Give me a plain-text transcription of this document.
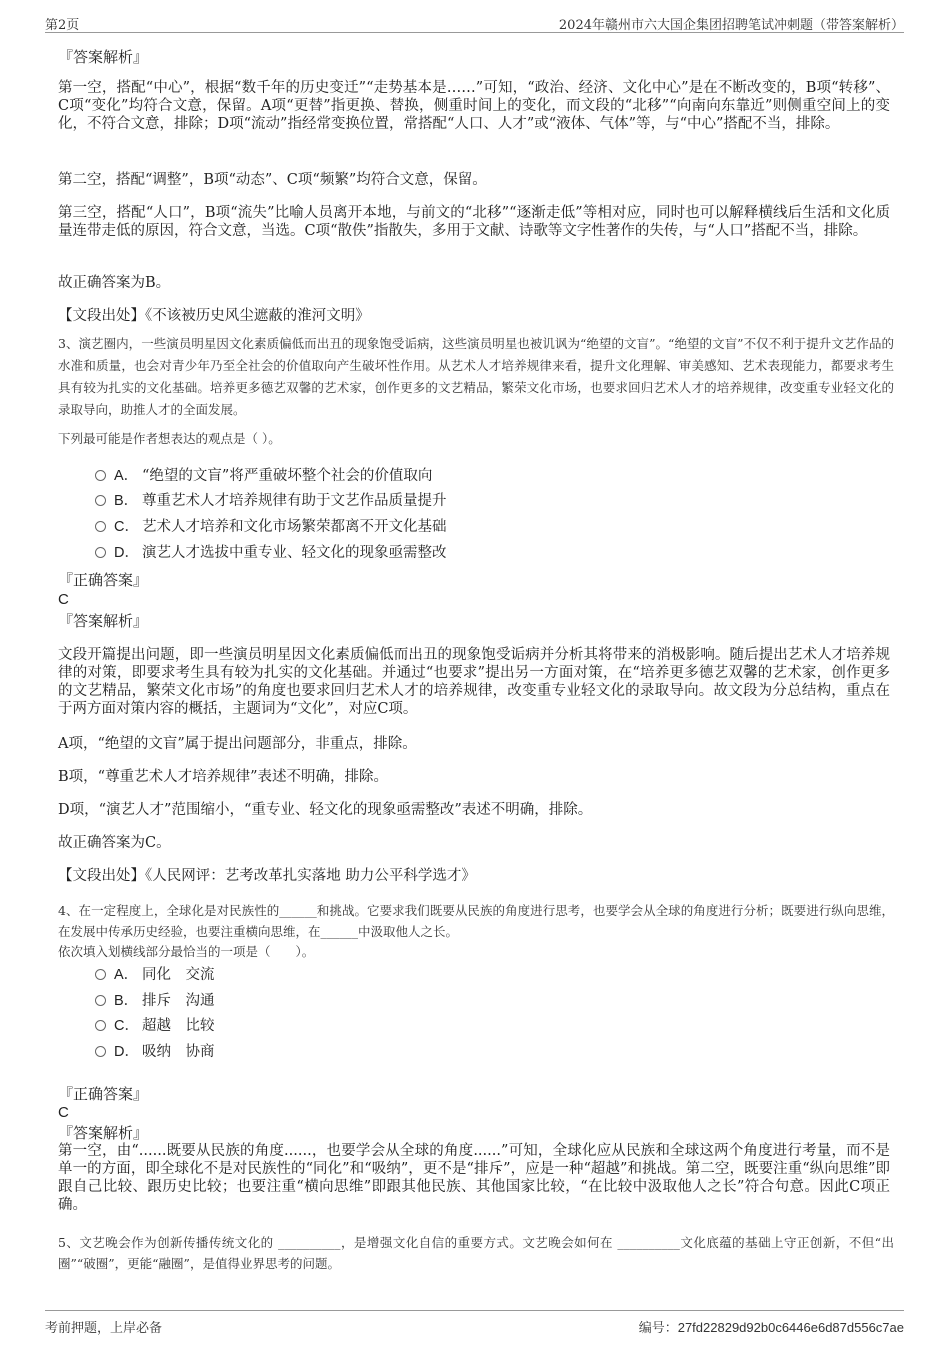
第2页	2024年赣州市六大国企集团招聘笔试冲刺题（带答案解析）
『答案解析』

第一空，搭配“中心”，根据“数千年的历史变迁”“走势基本是……”可知，“政治、经济、文化中心”是在不断改变的，B项“转移”、C项“变化”均符合文意，保留。A项“更替”指更换、替换，侧重时间上的变化，而文段的“北移”“向南向东靠近”则侧重空间上的变化，不符合文意，排除；D项“流动”指经常变换位置，常搭配“人口、人才”或“液体、气体”等，与“中心”搭配不当，排除。

第二空，搭配“调整”，B项“动态”、C项“频繁”均符合文意，保留。

第三空，搭配“人口”，B项“流失”比喻人员离开本地，与前文的“北移”“逐渐走低”等相对应，同时也可以解释横线后生活和文化质量连带走低的原因，符合文意，当选。C项“散佚”指散失，多用于文献、诗歌等文字性著作的失传，与“人口”搭配不当，排除。

故正确答案为B。

【文段出处】《不该被历史风尘遮蔽的淮河文明》

3、演艺圈内，一些演员明星因文化素质偏低而出丑的现象饱受诟病，这些演员明星也被讥讽为“绝望的文盲”。“绝望的文盲”不仅不利于提升文艺作品的水准和质量，也会对青少年乃至全社会的价值取向产生破坏性作用。从艺术人才培养规律来看，提升文化理解、审美感知、艺术表现能力，都要求考生具有较为扎实的文化基础。培养更多德艺双馨的艺术家，创作更多的文艺精品，繁荣文化市场，也要求回归艺术人才的培养规律，改变重专业轻文化的录取导向，助推人才的全面发展。

下列最可能是作者想表达的观点是（ ）。

A． “绝望的文盲”将严重破坏整个社会的价值取向
B． 尊重艺术人才培养规律有助于文艺作品质量提升
C． 艺术人才培养和文化市场繁荣都离不开文化基础
D． 演艺人才选拔中重专业、轻文化的现象亟需整改
『正确答案』
C
『答案解析』

文段开篇提出问题，即一些演员明星因文化素质偏低而出丑的现象饱受诟病并分析其将带来的消极影响。随后提出艺术人才培养规律的对策，即要求考生具有较为扎实的文化基础。并通过“也要求”提出另一方面对策，在“培养更多德艺双馨的艺术家，创作更多的文艺精品，繁荣文化市场”的角度也要求回归艺术人才的培养规律，改变重专业轻文化的录取导向。故文段为分总结构，重点在于两方面对策内容的概括，主题词为“文化”，对应C项。

A项，“绝望的文盲”属于提出问题部分，非重点，排除。

B项，“尊重艺术人才培养规律”表述不明确，排除。

D项，“演艺人才”范围缩小，“重专业、轻文化的现象亟需整改”表述不明确，排除。

故正确答案为C。

【文段出处】《人民网评：艺考改革扎实落地 助力公平科学选才》

4、在一定程度上，全球化是对民族性的______和挑战。它要求我们既要从民族的角度进行思考，也要学会从全球的角度进行分析；既要进行纵向思维，在发展中传承历史经验，也要注重横向思维，在______中汲取他人之长。

依次填入划横线部分最恰当的一项是（　　）。

A． 同化　交流
B． 排斥　沟通
C． 超越　比较
D． 吸纳　协商
『正确答案』
C
『答案解析』

第一空，由“......既要从民族的角度......，也要学会从全球的角度......”可知，全球化应从民族和全球这两个角度进行考量，而不是单一的方面，即全球化不是对民族性的“同化”和“吸纳”，更不是“排斥”，应是一种“超越”和挑战。第二空，既要注重“纵向思维”即跟自己比较、跟历史比较；也要注重“横向思维”即跟其他民族、其他国家比较，“在比较中汲取他人之长”符合句意。因此C项正确。

5、文艺晚会作为创新传播传统文化的 __________，是增强文化自信的重要方式。文艺晚会如何在 __________文化底蕴的基础上守正创新，不但“出圈”“破圈”，更能“融圈”，是值得业界思考的问题。

考前押题，上岸必备	编号：27fd22829d92b0c6446e6d87d556c7ae
